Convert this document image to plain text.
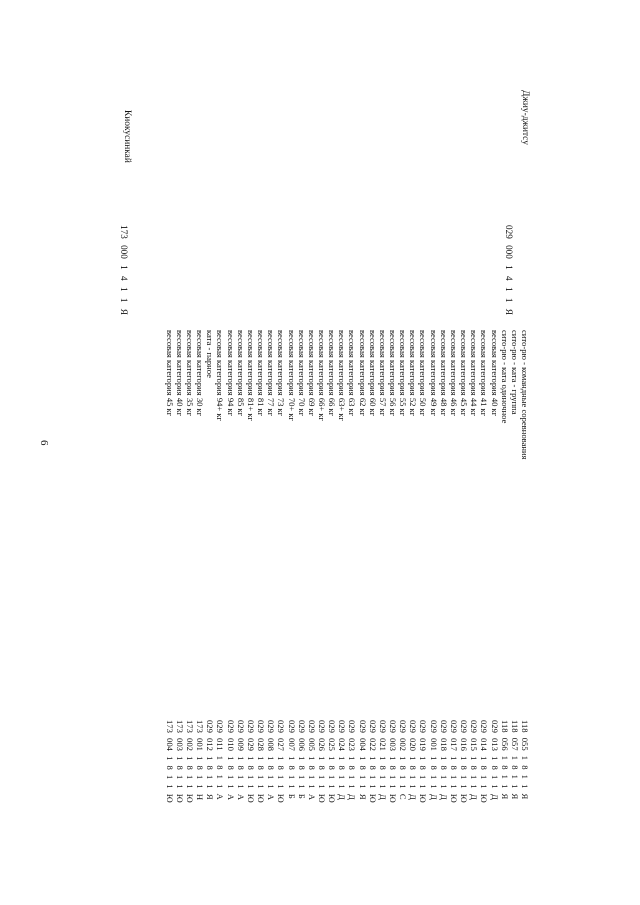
6
Джиу-джитсу
029 000 1 4 1 1 Я
Киокусинкай
173 000 1 4 1 1 Я
сито-рю - командные соревнования
118 055 1 8 1 1 Я
сито-рю - ката - группа
118 057 1 8 1 1 Я
сито-рю - ката одиночное
118 056 1 8 1 1 Я
весовая категория 40 кг
029 013 1 8 1 1 Д
весовая категория 41 кг
029 014 1 8 1 1 Ю
весовая категория 44 кг
029 015 1 8 1 1 Д
весовая категория 45 кг
029 016 1 8 1 1 Ю
весовая категория 46 кг
029 017 1 8 1 1 Ю
весовая категория 48 кг
029 018 1 8 1 1 Д
весовая категория 49 кг
029 001 1 8 1 1 Д
весовая категория 50 кг
029 019 1 8 1 1 Ю
весовая категория 52 кг
029 020 1 8 1 1 Д
весовая категория 55 кг
029 002 1 8 1 1 С
весовая категория 56 кг
029 003 1 8 1 1 Ю
весовая категория 57 кг
029 021 1 8 1 1 Д
весовая категория 60 кг
029 022 1 8 1 1 Ю
весовая категория 62 кг
029 004 1 8 1 1 Я
весовая категория 63 кг
029 023 1 8 1 1 Д
весовая категория 63+ кг
029 024 1 8 1 1 Д
весовая категория 66 кг
029 025 1 8 1 1 Ю
весовая категория 66+ кг
029 026 1 8 1 1 Ю
весовая категория 69 кг
029 005 1 8 1 1 А
весовая категория 70 кг
029 006 1 8 1 1 Б
весовая категория 70+ кг
029 007 1 8 1 1 Б
весовая категория 73 кг
029 027 1 8 1 1 Ю
весовая категория 77 кг
029 008 1 8 1 1 А
весовая категория 81 кг
029 028 1 8 1 1 Ю
весовая категория 81+ кг
029 029 1 8 1 1 Ю
весовая категория 85 кг
029 009 1 8 1 1 А
весовая категория 94 кг
029 010 1 8 1 1 А
весовая категория 94+ кг
029 011 1 8 1 1 А
ката - парное
029 012 1 8 1 1 Я
весовая категория 30 кг
173 001 1 8 1 1 Н
весовая категория 35 кг
173 002 1 8 1 1 Ю
весовая категория 40 кг
173 003 1 8 1 1 Ю
весовая категория 45 кг
173 004 1 8 1 1 Ю
